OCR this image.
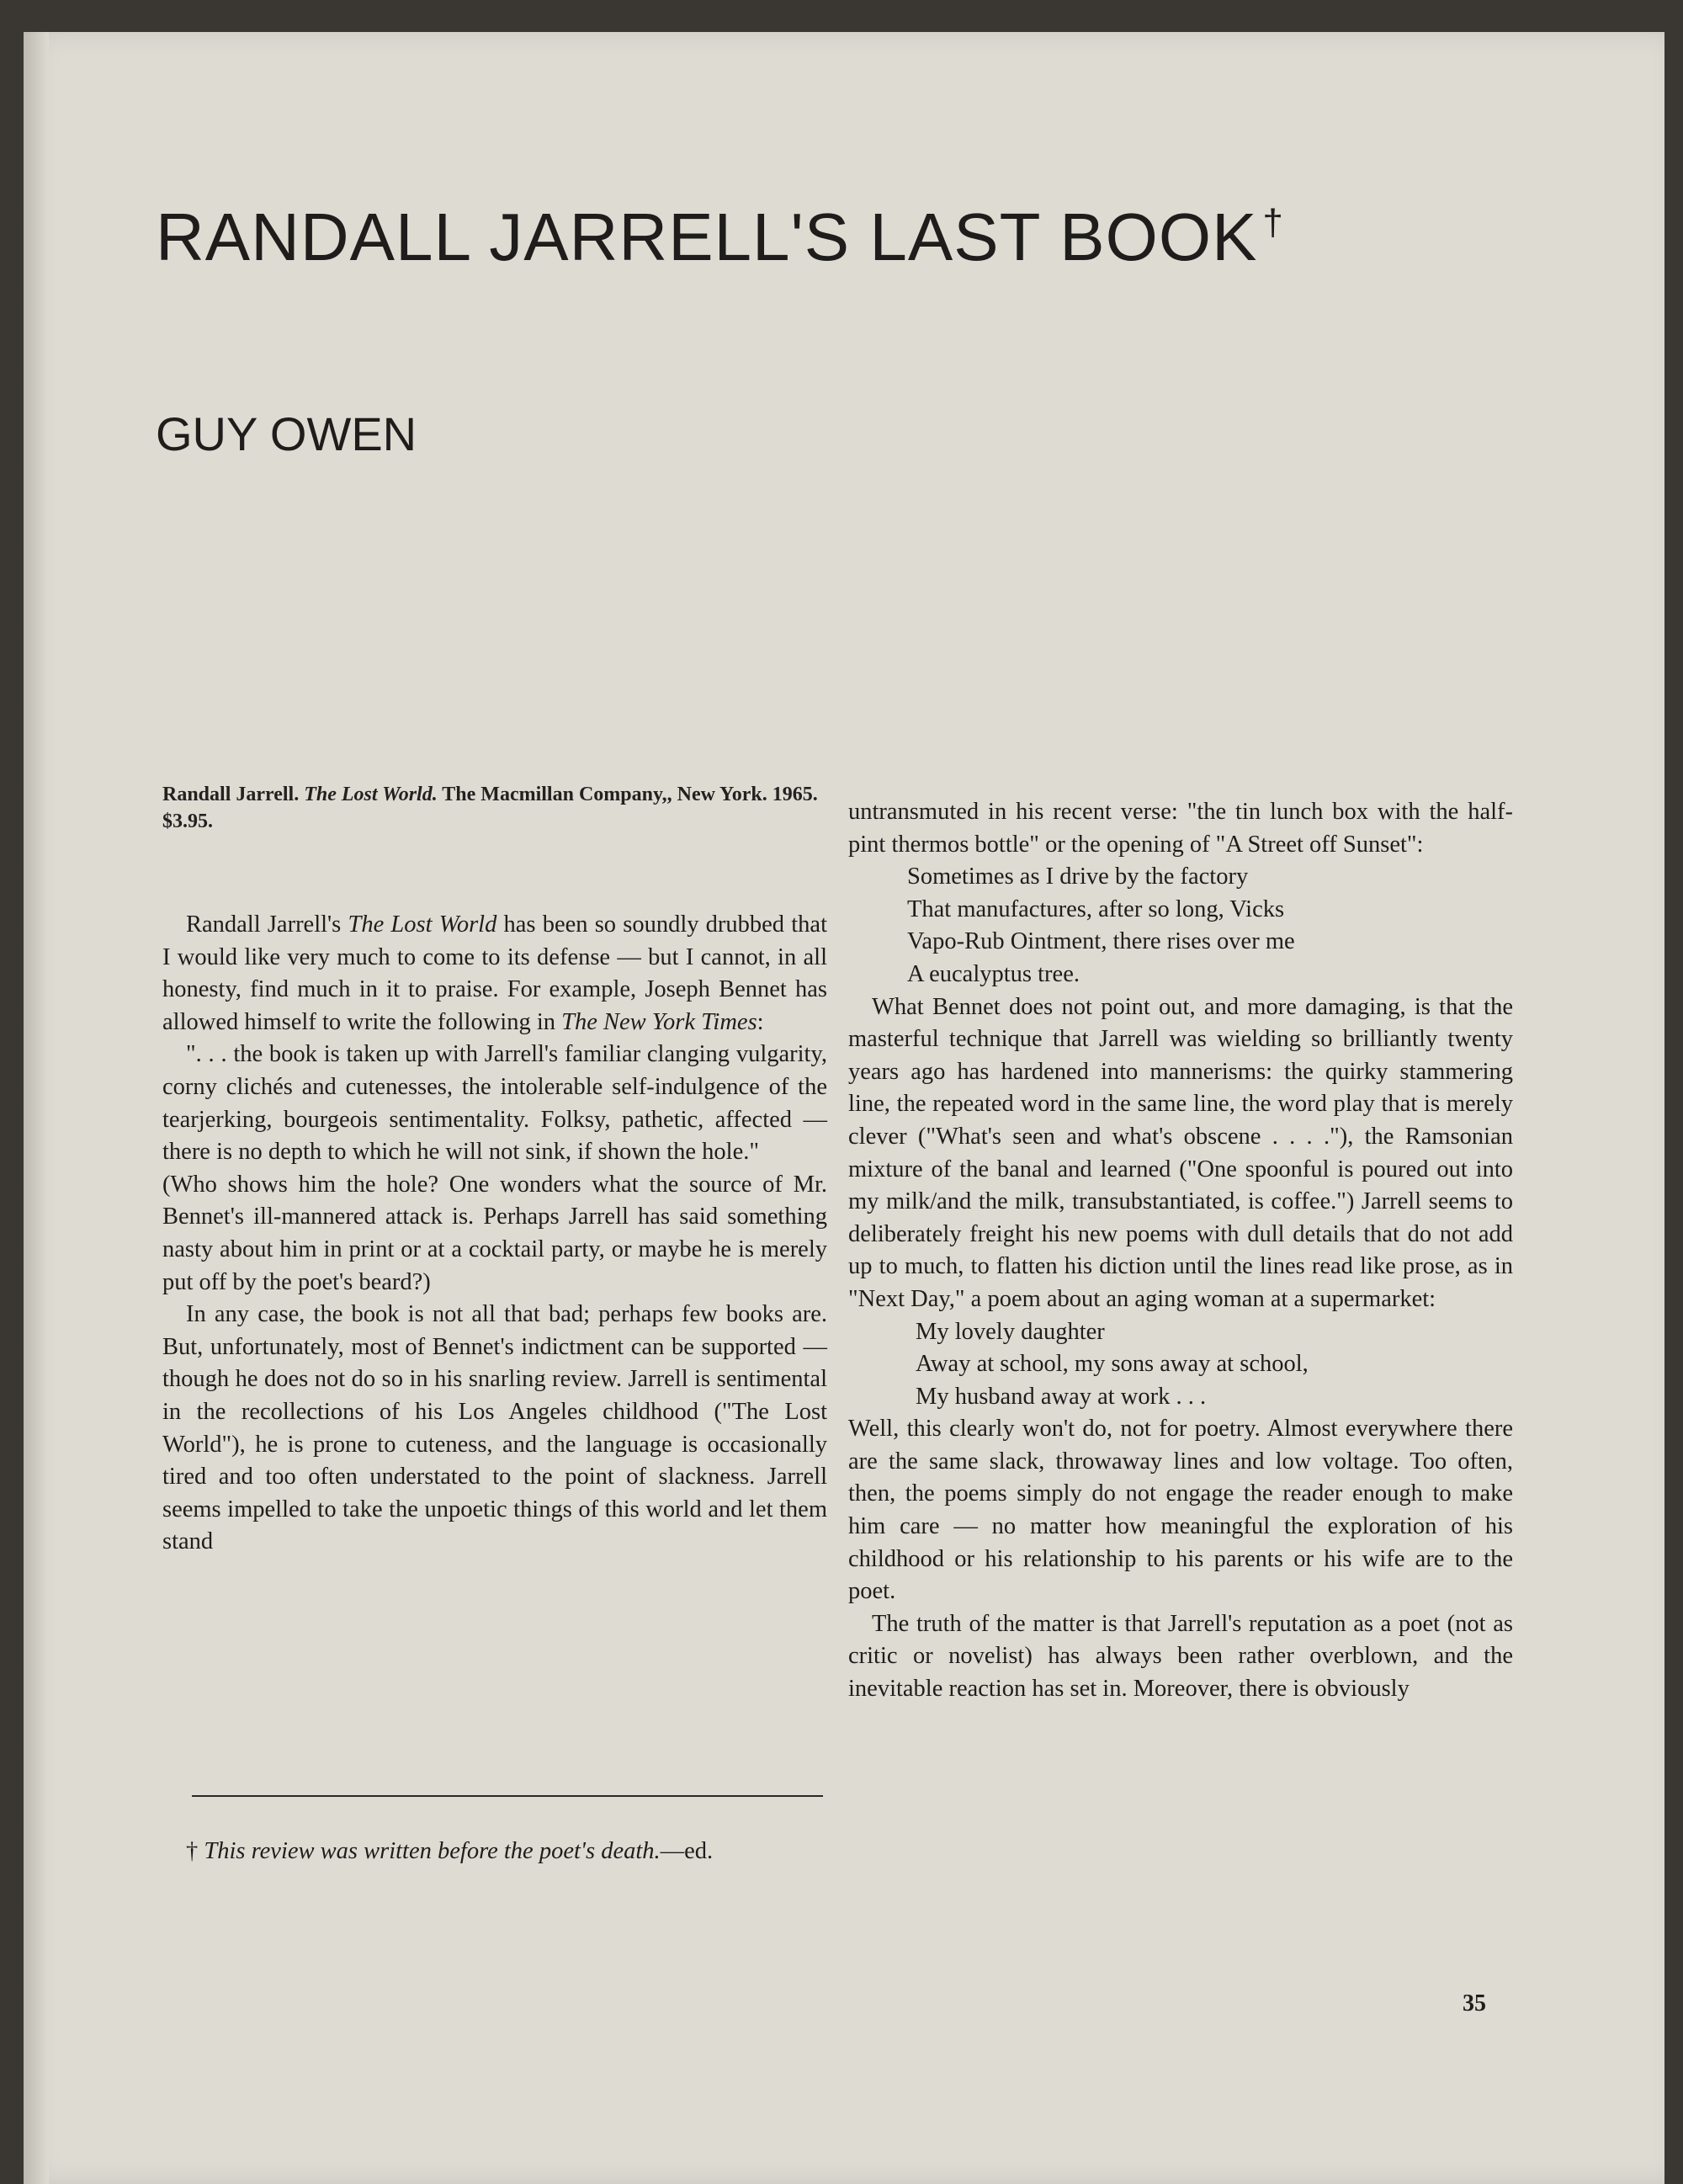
RANDALL JARRELL'S LAST BOOK †
GUY OWEN
Randall Jarrell. The Lost World. The Macmillan Company,, New York. 1965. $3.95.

Randall Jarrell's The Lost World has been so soundly drubbed that I would like very much to come to its defense — but I cannot, in all honesty, find much in it to praise. For example, Joseph Bennet has allowed himself to write the following in The New York Times:

". . . the book is taken up with Jarrell's familiar clanging vulgarity, corny clichés and cutenesses, the intolerable self-indulgence of the tearjerking, bourgeois sentimentality. Folksy, pathetic, affected — there is no depth to which he will not sink, if shown the hole."

(Who shows him the hole? One wonders what the source of Mr. Bennet's ill-mannered attack is. Perhaps Jarrell has said something nasty about him in print or at a cocktail party, or maybe he is merely put off by the poet's beard?)

In any case, the book is not all that bad; perhaps few books are. But, unfortunately, most of Bennet's indictment can be supported — though he does not do so in his snarling review. Jarrell is sentimental in the recollections of his Los Angeles childhood ("The Lost World"), he is prone to cuteness, and the language is occasionally tired and too often understated to the point of slackness. Jarrell seems impelled to take the unpoetic things of this world and let them stand

untransmuted in his recent verse: "the tin lunch box with the half-pint thermos bottle" or the opening of "A Street off Sunset":

Sometimes as I drive by the factory
That manufactures, after so long, Vicks
Vapo-Rub Ointment, there rises over me
A eucalyptus tree.

What Bennet does not point out, and more damaging, is that the masterful technique that Jarrell was wielding so brilliantly twenty years ago has hardened into mannerisms: the quirky stammering line, the repeated word in the same line, the word play that is merely clever ("What's seen and what's obscene . . . ."), the Ramsonian mixture of the banal and learned ("One spoonful is poured out into my milk/and the milk, transubstantiated, is coffee.") Jarrell seems to deliberately freight his new poems with dull details that do not add up to much, to flatten his diction until the lines read like prose, as in "Next Day," a poem about an aging woman at a supermarket:

My lovely daughter
Away at school, my sons away at school,
My husband away at work . . .

Well, this clearly won't do, not for poetry. Almost everywhere there are the same slack, throwaway lines and low voltage. Too often, then, the poems simply do not engage the reader enough to make him care — no matter how meaningful the exploration of his childhood or his relationship to his parents or his wife are to the poet.

The truth of the matter is that Jarrell's reputation as a poet (not as critic or novelist) has always been rather overblown, and the inevitable reaction has set in. Moreover, there is obviously

† This review was written before the poet's death.—ed.
35
